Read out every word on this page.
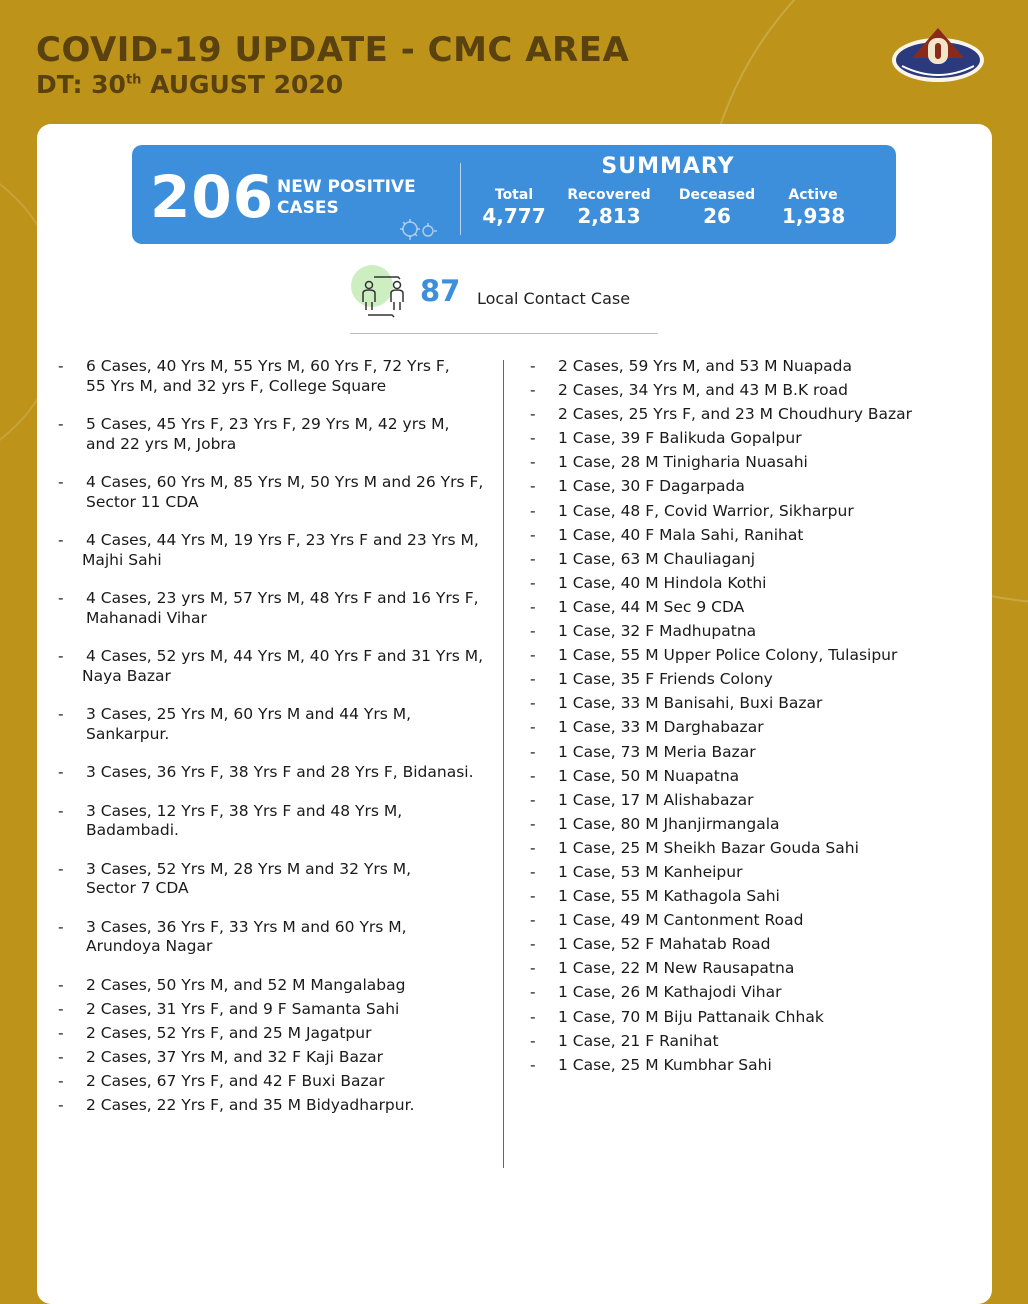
COVID-19 UPDATE - CMC AREA
DT: 30th AUGUST 2020
206 NEW POSITIVE CASES
SUMMARY
Total
4,777
Recovered
2,813
Deceased
26
Active
1,938
87 Local Contact Case
- 6 Cases, 40 Yrs M, 55 Yrs M, 60 Yrs F, 72 Yrs F,
55 Yrs M, and 32 yrs F, College Square
- 5 Cases, 45 Yrs F, 23 Yrs F, 29 Yrs M, 42 yrs M,
and 22 yrs M, Jobra
- 4 Cases, 60 Yrs M, 85 Yrs M, 50 Yrs M and 26 Yrs F,
Sector 11 CDA
- 4 Cases, 44 Yrs M, 19 Yrs F, 23 Yrs F and 23 Yrs M,
Majhi Sahi
- 4 Cases, 23 yrs M, 57 Yrs M, 48 Yrs F and 16 Yrs F,
Mahanadi Vihar
- 4 Cases, 52 yrs M, 44 Yrs M, 40 Yrs F and 31 Yrs M,
Naya Bazar
- 3 Cases, 25 Yrs M, 60 Yrs M and 44 Yrs M,
Sankarpur.
- 3 Cases, 36 Yrs F, 38 Yrs F and 28 Yrs F, Bidanasi.
- 3 Cases, 12 Yrs F, 38 Yrs F and 48 Yrs M,
Badambadi.
- 3 Cases, 52 Yrs M, 28 Yrs M and 32 Yrs M,
Sector 7 CDA
- 3 Cases, 36 Yrs F, 33 Yrs M and 60 Yrs M,
Arundoya Nagar
- 2 Cases, 50 Yrs M, and 52 M Mangalabag
- 2 Cases, 31 Yrs F, and 9 F Samanta Sahi
- 2 Cases, 52 Yrs F, and 25 M Jagatpur
- 2 Cases, 37 Yrs M, and 32 F Kaji Bazar
- 2 Cases, 67 Yrs F, and 42 F Buxi Bazar
- 2 Cases, 22 Yrs F, and 35 M Bidyadharpur.
- 2 Cases, 59 Yrs M, and 53 M Nuapada
- 2 Cases, 34 Yrs M, and 43 M B.K road
- 2 Cases, 25 Yrs F, and 23 M Choudhury Bazar
- 1 Case, 39 F Balikuda Gopalpur
- 1 Case, 28 M Tinigharia Nuasahi
- 1 Case, 30 F Dagarpada
- 1 Case, 48 F, Covid Warrior, Sikharpur
- 1 Case, 40 F Mala Sahi, Ranihat
- 1 Case, 63 M Chauliaganj
- 1 Case, 40 M Hindola Kothi
- 1 Case, 44 M Sec 9 CDA
- 1 Case, 32 F Madhupatna
- 1 Case, 55 M Upper Police Colony, Tulasipur
- 1 Case, 35 F Friends Colony
- 1 Case, 33 M Banisahi, Buxi Bazar
- 1 Case, 33 M Darghabazar
- 1 Case, 73 M Meria Bazar
- 1 Case, 50 M Nuapatna
- 1 Case, 17 M Alishabazar
- 1 Case, 80 M Jhanjirmangala
- 1 Case, 25 M Sheikh Bazar Gouda Sahi
- 1 Case, 53 M Kanheipur
- 1 Case, 55 M Kathagola Sahi
- 1 Case, 49 M Cantonment Road
- 1 Case, 52 F Mahatab Road
- 1 Case, 22 M New Rausapatna
- 1 Case, 26 M Kathajodi Vihar
- 1 Case, 70 M Biju Pattanaik Chhak
- 1 Case, 21 F Ranihat
- 1 Case, 25 M Kumbhar Sahi
